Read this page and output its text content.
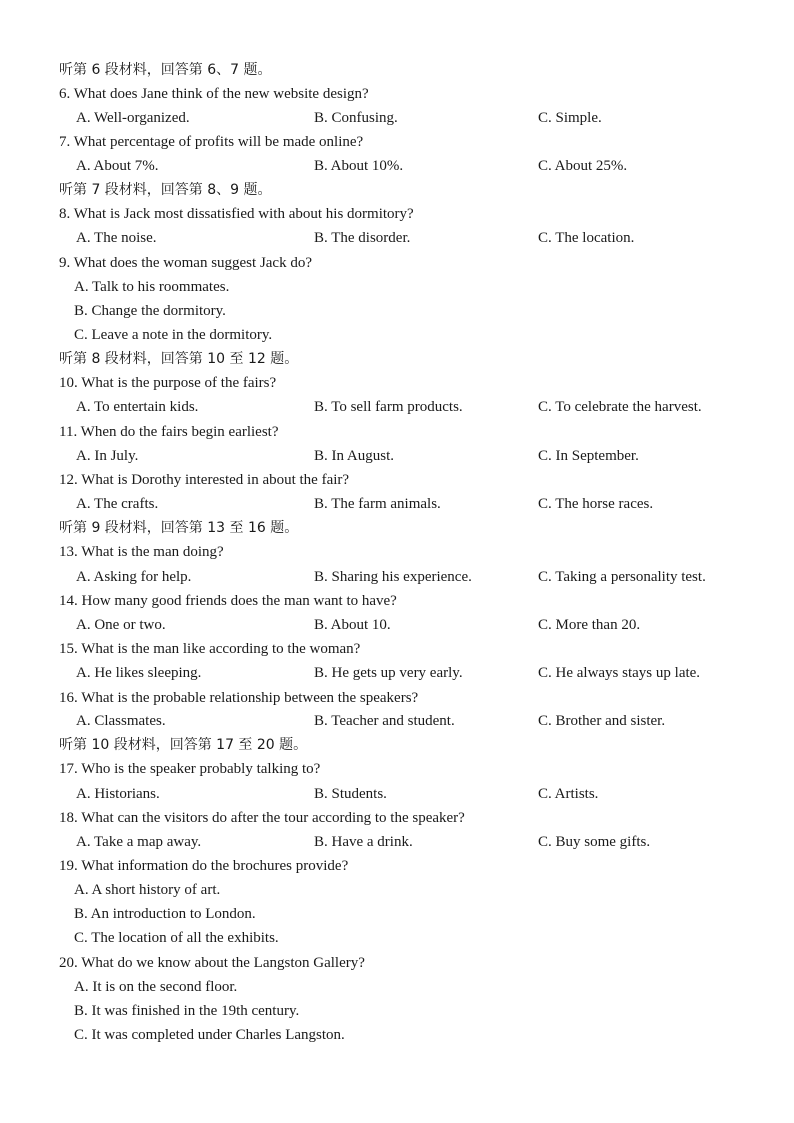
听第 6 段材料，回答第 6、7 题。
6. What does Jane think of the new website design?
A. Well-organized.	B. Confusing.	C. Simple.
7. What percentage of profits will be made online?
A. About 7%.	B. About 10%.	C. About 25%.
听第 7 段材料，回答第 8、9 题。
8. What is Jack most dissatisfied with about his dormitory?
A. The noise.	B. The disorder.	C. The location.
9. What does the woman suggest Jack do?
A. Talk to his roommates.
B. Change the dormitory.
C. Leave a note in the dormitory.
听第 8 段材料，回答第 10 至 12 题。
10. What is the purpose of the fairs?
A. To entertain kids.	B. To sell farm products.	C. To celebrate the harvest.
11. When do the fairs begin earliest?
A. In July.	B. In August.	C. In September.
12. What is Dorothy interested in about the fair?
A. The crafts.	B. The farm animals.	C. The horse races.
听第 9 段材料，回答第 13 至 16 题。
13. What is the man doing?
A. Asking for help.	B. Sharing his experience.	C. Taking a personality test.
14. How many good friends does the man want to have?
A. One or two.	B. About 10.	C. More than 20.
15. What is the man like according to the woman?
A. He likes sleeping.	B. He gets up very early.	C. He always stays up late.
16. What is the probable relationship between the speakers?
A. Classmates.	B. Teacher and student.	C. Brother and sister.
听第 10 段材料，回答第 17 至 20 题。
17. Who is the speaker probably talking to?
A. Historians.	B. Students.	C. Artists.
18. What can the visitors do after the tour according to the speaker?
A. Take a map away.	B. Have a drink.	C. Buy some gifts.
19. What information do the brochures provide?
A. A short history of art.
B. An introduction to London.
C. The location of all the exhibits.
20. What do we know about the Langston Gallery?
A. It is on the second floor.
B. It was finished in the 19th century.
C. It was completed under Charles Langston.
